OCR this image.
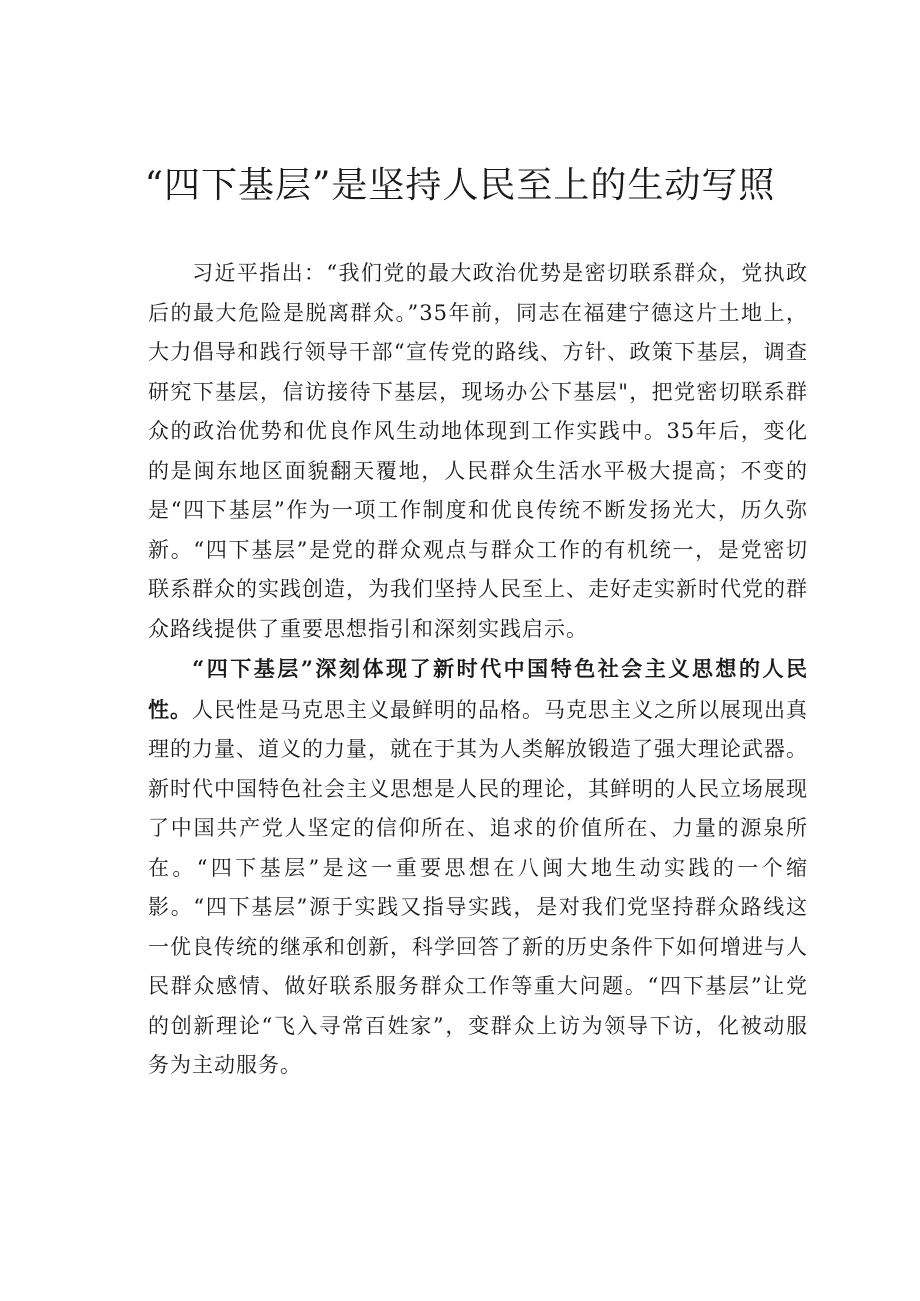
“四下基层”是坚持人民至上的生动写照

习近平指出：“我们党的最大政治优势是密切联系群众，党执政后的最大危险是脱离群众。”35年前，同志在福建宁德这片土地上，大力倡导和践行领导干部“宣传党的路线、方针、政策下基层，调查研究下基层，信访接待下基层，现场办公下基层"，把党密切联系群众的政治优势和优良作风生动地体现到工作实践中。35年后，变化的是闽东地区面貌翻天覆地，人民群众生活水平极大提高；不变的是“四下基层”作为一项工作制度和优良传统不断发扬光大，历久弥新。“四下基层”是党的群众观点与群众工作的有机统一，是党密切联系群众的实践创造，为我们坚持人民至上、走好走实新时代党的群众路线提供了重要思想指引和深刻实践启示。

“四下基层”深刻体现了新时代中国特色社会主义思想的人民性。人民性是马克思主义最鲜明的品格。马克思主义之所以展现出真理的力量、道义的力量，就在于其为人类解放锻造了强大理论武器。新时代中国特色社会主义思想是人民的理论，其鲜明的人民立场展现了中国共产党人坚定的信仰所在、追求的价值所在、力量的源泉所在。“四下基层”是这一重要思想在八闽大地生动实践的一个缩影。“四下基层”源于实践又指导实践，是对我们党坚持群众路线这一优良传统的继承和创新，科学回答了新的历史条件下如何增进与人民群众感情、做好联系服务群众工作等重大问题。“四下基层”让党的创新理论“飞入寻常百姓家”，变群众上访为领导下访，化被动服务为主动服务。
